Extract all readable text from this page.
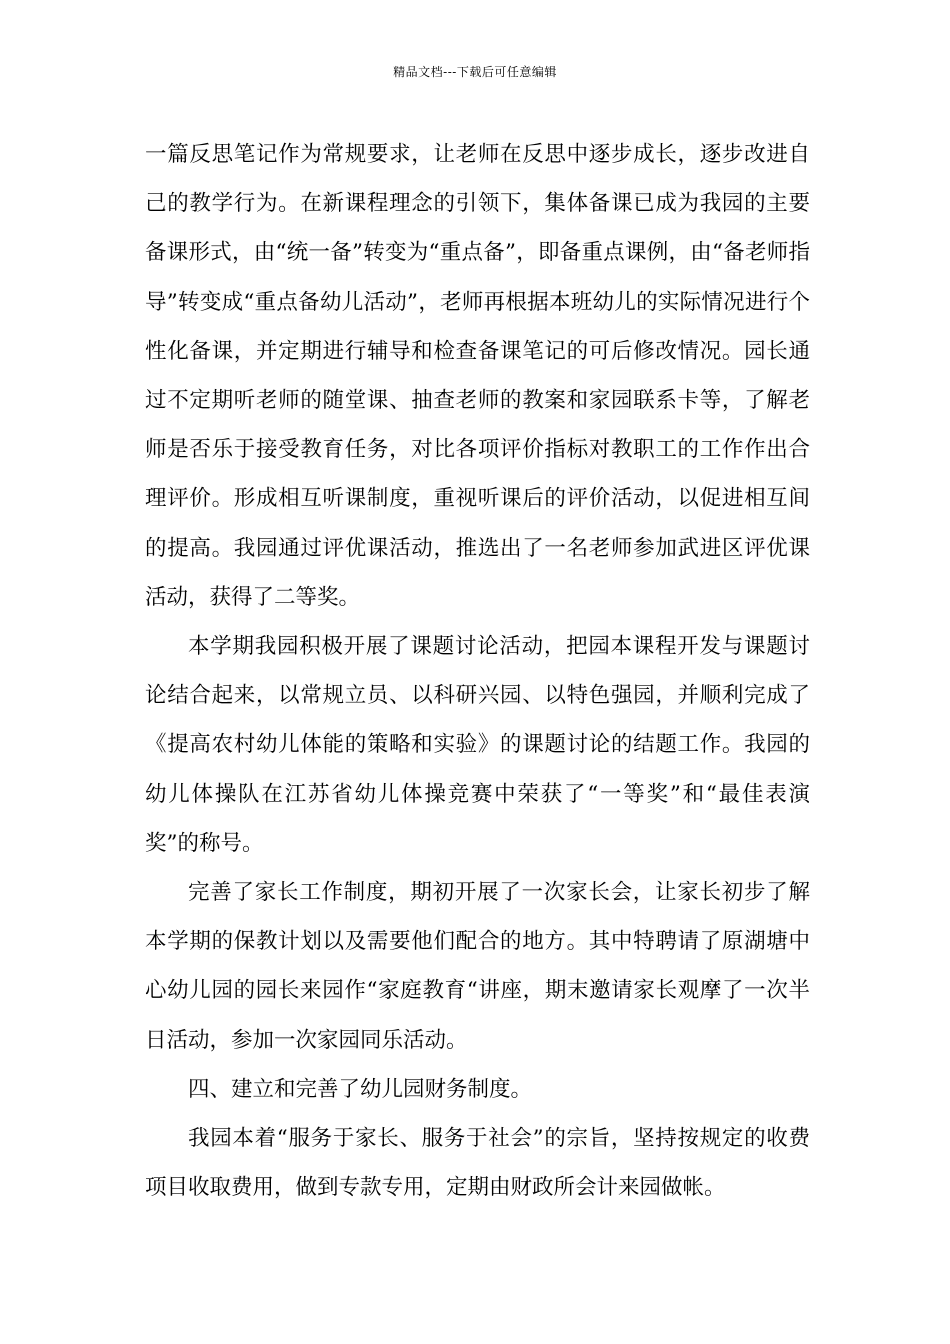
精品文档---下载后可任意编辑

一篇反思笔记作为常规要求，让老师在反思中逐步成长，逐步改进自己的教学行为。在新课程理念的引领下，集体备课已成为我园的主要备课形式，由“统一备”转变为“重点备”，即备重点课例，由“备老师指导”转变成“重点备幼儿活动”，老师再根据本班幼儿的实际情况进行个性化备课，并定期进行辅导和检查备课笔记的可后修改情况。园长通过不定期听老师的随堂课、抽查老师的教案和家园联系卡等，了解老师是否乐于接受教育任务，对比各项评价指标对教职工的工作作出合理评价。形成相互听课制度，重视听课后的评价活动，以促进相互间的提高。我园通过评优课活动，推选出了一名老师参加武进区评优课活动，获得了二等奖。

本学期我园积极开展了课题讨论活动，把园本课程开发与课题讨论结合起来，以常规立员、以科研兴园、以特色强园，并顺利完成了《提高农村幼儿体能的策略和实验》的课题讨论的结题工作。我园的幼儿体操队在江苏省幼儿体操竞赛中荣获了“一等奖”和“最佳表演奖”的称号。

完善了家长工作制度，期初开展了一次家长会，让家长初步了解本学期的保教计划以及需要他们配合的地方。其中特聘请了原湖塘中心幼儿园的园长来园作“家庭教育“讲座，期末邀请家长观摩了一次半日活动，参加一次家园同乐活动。

四、建立和完善了幼儿园财务制度。

我园本着“服务于家长、服务于社会”的宗旨，坚持按规定的收费项目收取费用，做到专款专用，定期由财政所会计来园做帐。
